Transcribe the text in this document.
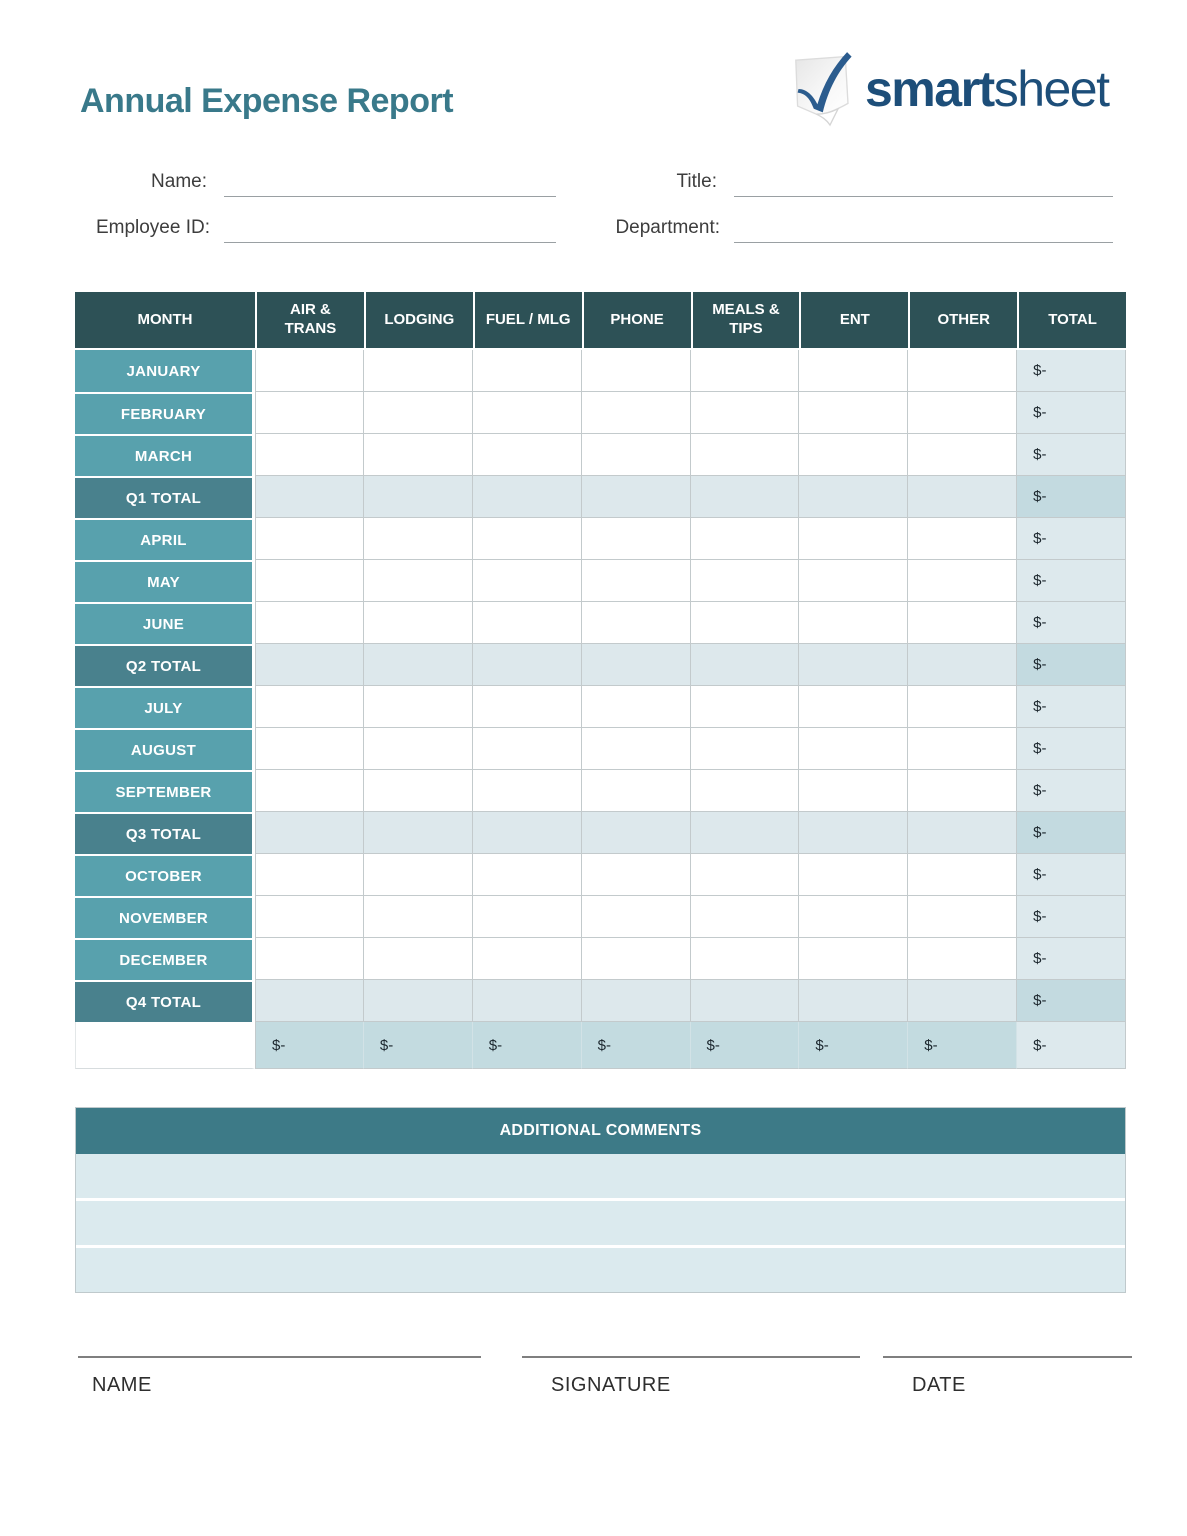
Annual Expense Report	smartsheet
Name:	Title:
Employee ID:	Department:
MONTH	AIR & TRANS	LODGING	FUEL / MLG	PHONE	MEALS & TIPS	ENT	OTHER	TOTAL
JANUARY								$-
FEBRUARY								$-
MARCH								$-
Q1 TOTAL								$-
APRIL								$-
MAY								$-
JUNE								$-
Q2 TOTAL								$-
JULY								$-
AUGUST								$-
SEPTEMBER								$-
Q3 TOTAL								$-
OCTOBER								$-
NOVEMBER								$-
DECEMBER								$-
Q4 TOTAL								$-
	$-	$-	$-	$-	$-	$-	$-	$-
ADDITIONAL COMMENTS
NAME	SIGNATURE	DATE
